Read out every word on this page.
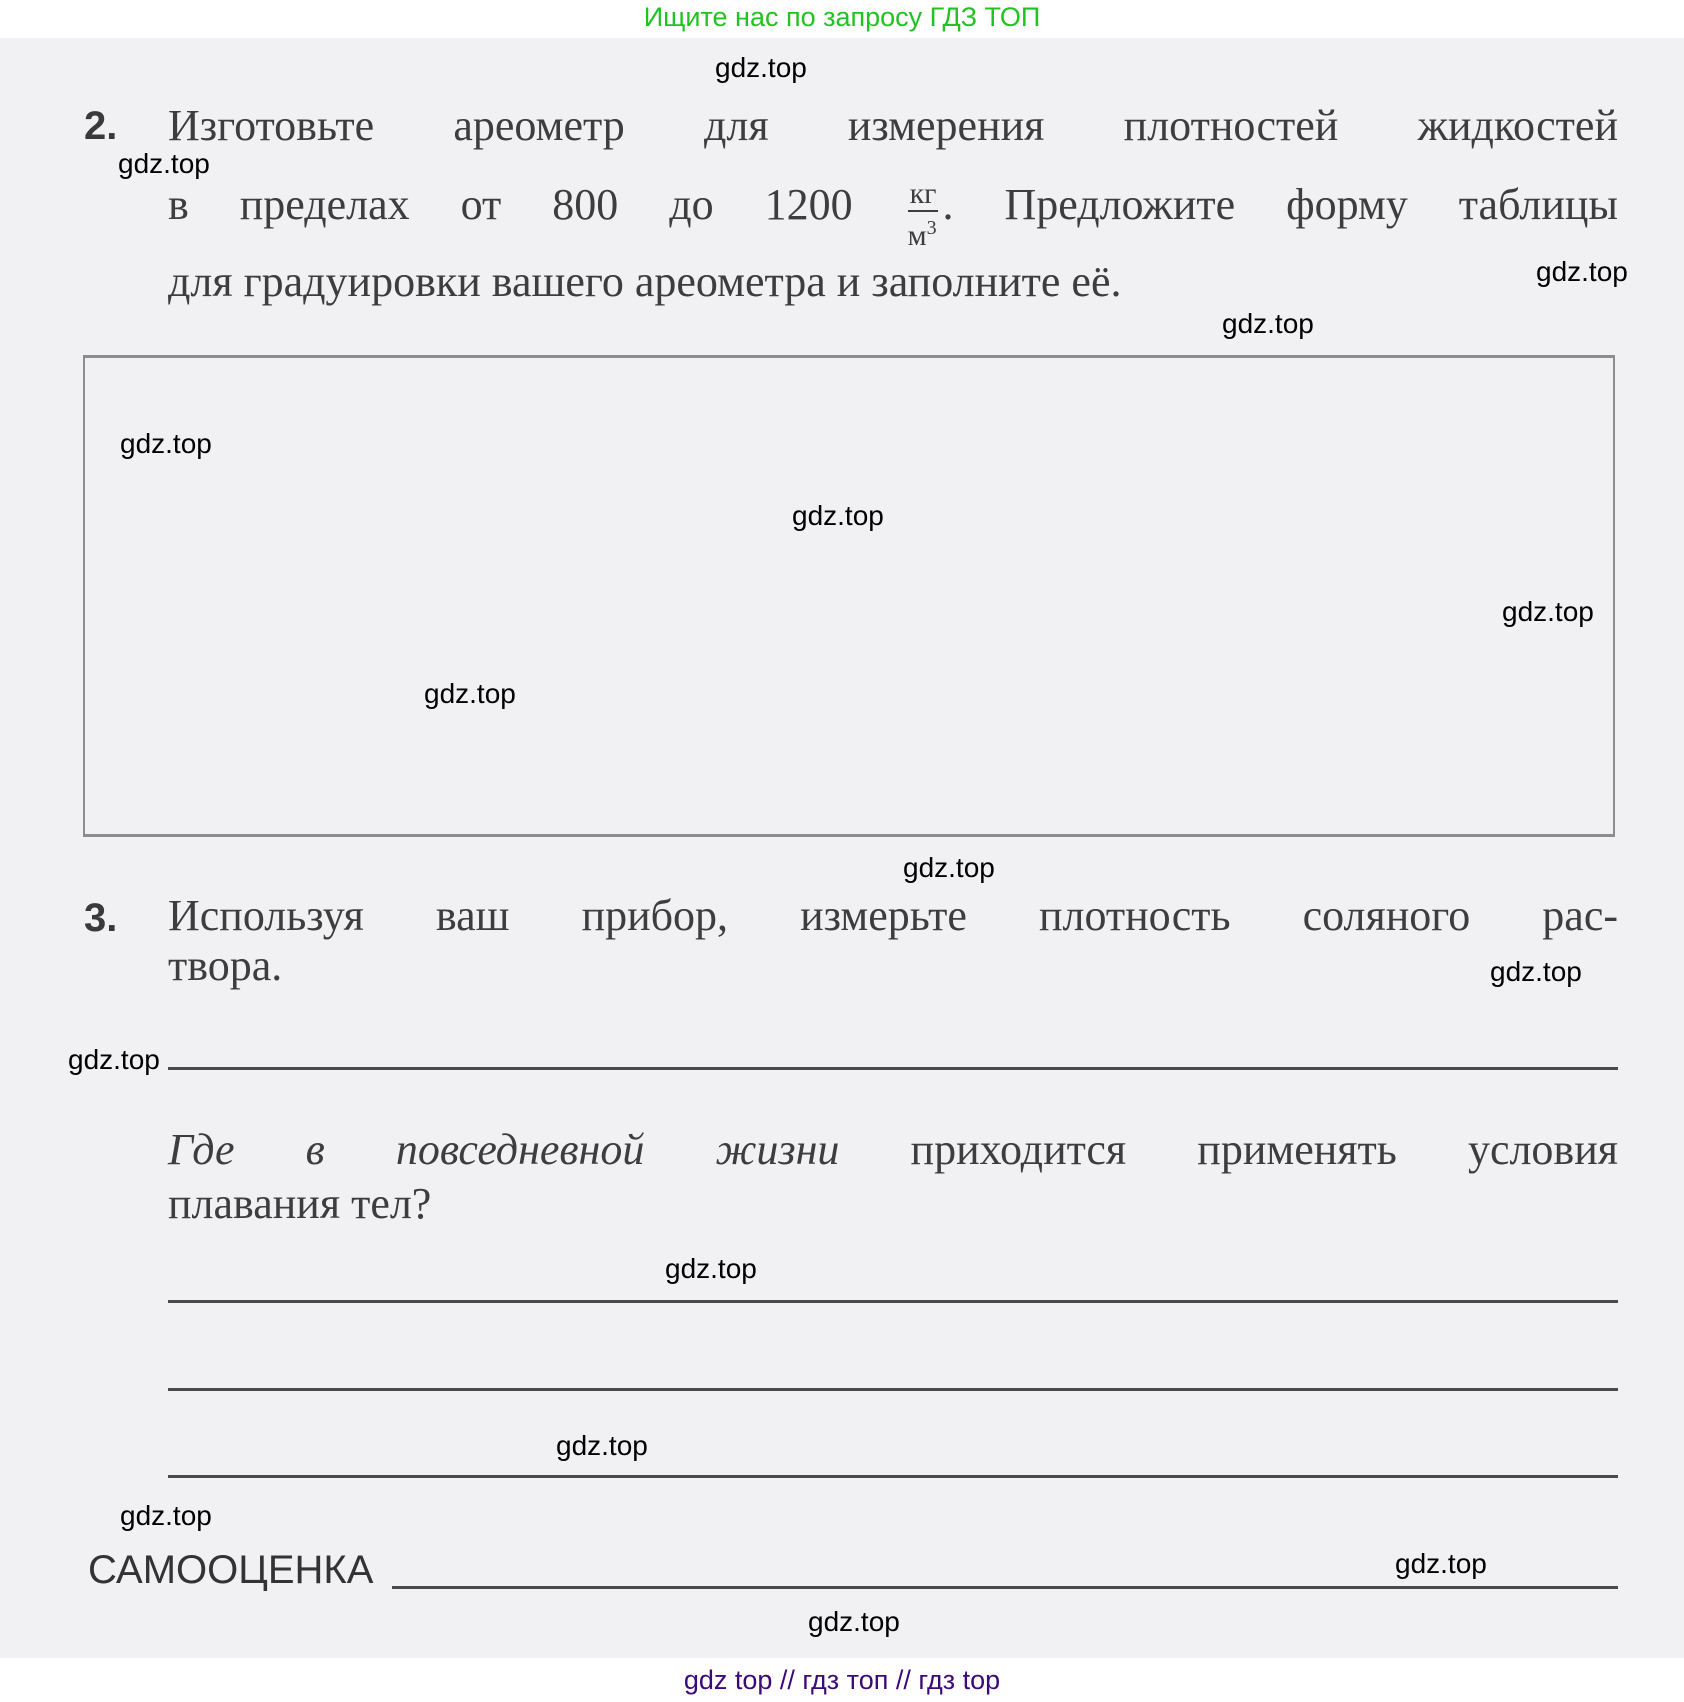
Ищите нас по запросу ГДЗ ТОП
2. Изготовьте ареометр для измерения плотностей жидкостей
в пределах от 800 до $1200 \frac{кг}{м^3}$ . Предложите форму таблицы
для градуировки вашего ареометра и заполните её.
3. Используя ваш прибор, измерьте плотность соляного рас-
твора.
Где в повседневной жизни приходится применять условия
плавания тел?
САМООЦЕНКА
gdz.top
gdz.top
gdz.top
gdz.top
gdz.top
gdz.top
gdz.top
gdz.top
gdz.top
gdz.top
gdz.top
gdz.top
gdz.top
gdz.top
gdz.top
gdz.top
gdz top // гдз топ // гдз top
